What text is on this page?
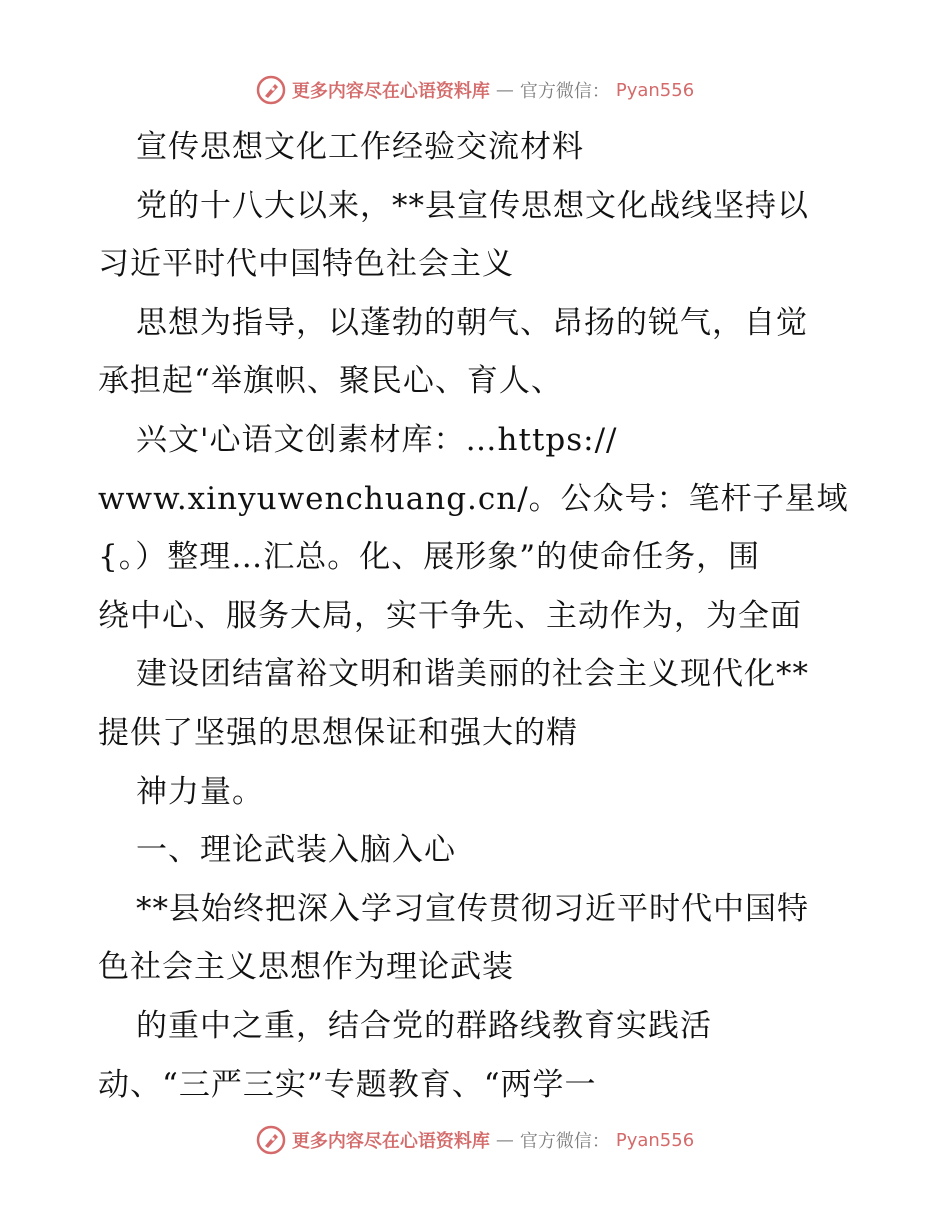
更多内容尽在心语资料库 — 官方微信： Pyan556
宣传思想文化工作经验交流材料
党的十八大以来，**县宣传思想文化战线坚持以
习近平时代中国特色社会主义
思想为指导，以蓬勃的朝气、昂扬的锐气，自觉
承担起“举旗帜、聚民心、育人、
兴文'心语文创素材库：…https://
www.xinyuwenchuang.cn/。公众号：笔杆子星域
{。）整理…汇总。化、展形象”的使命任务，围
绕中心、服务大局，实干争先、主动作为，为全面
建设团结富裕文明和谐美丽的社会主义现代化**
提供了坚强的思想保证和强大的精
神力量。
一、理论武装入脑入心
**县始终把深入学习宣传贯彻习近平时代中国特
色社会主义思想作为理论武装
的重中之重，结合党的群路线教育实践活
动、“三严三实”专题教育、“两学一
更多内容尽在心语资料库 — 官方微信： Pyan556
